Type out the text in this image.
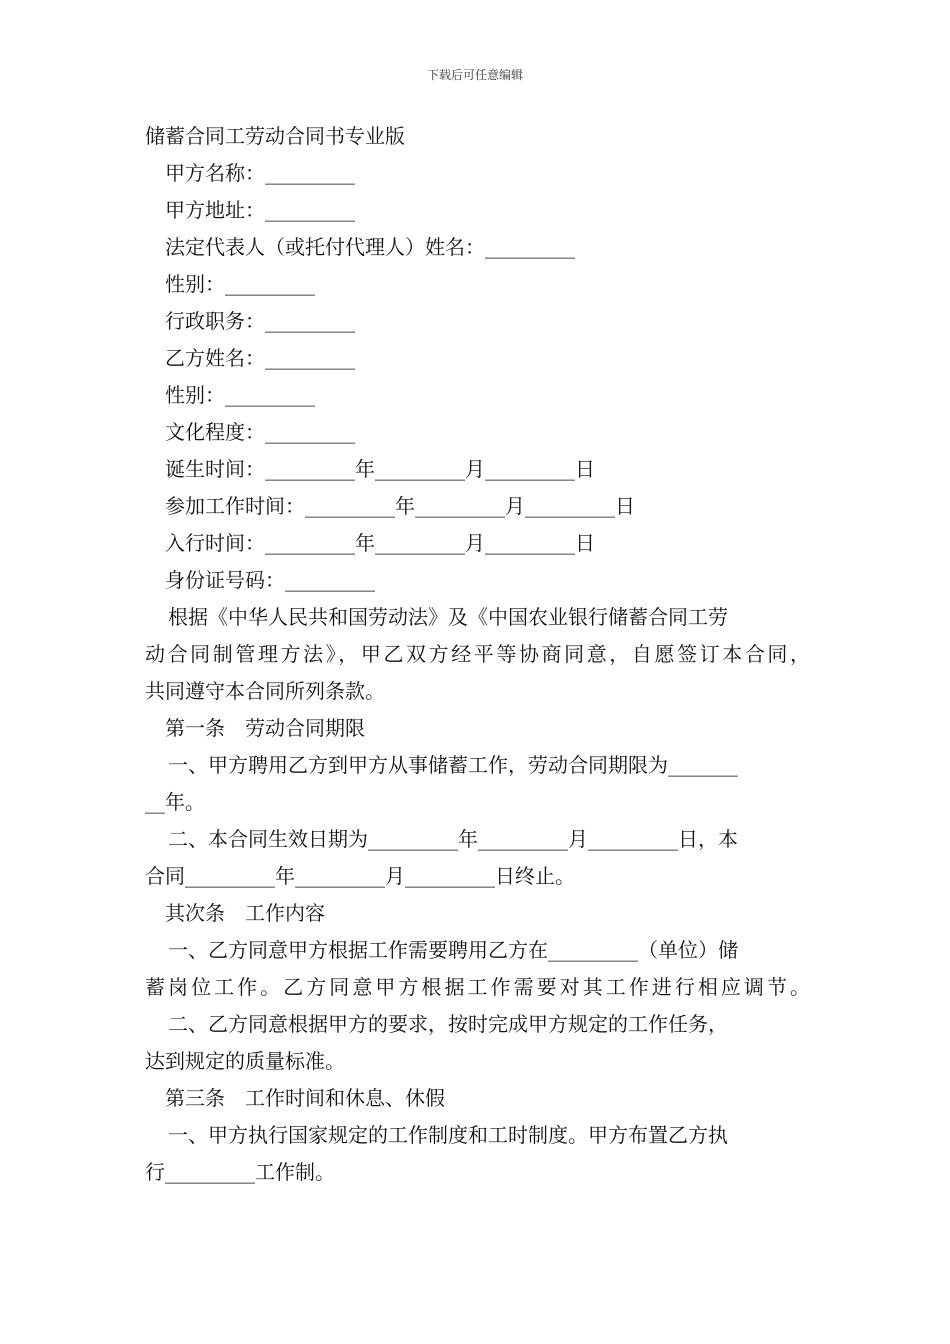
下载后可任意编辑

储蓄合同工劳动合同书专业版

甲方名称：_________

甲方地址：_________

法定代表人（或托付代理人）姓名：_________

性别：_________

行政职务：_________

乙方姓名：_________

性别：_________

文化程度：_________

诞生时间：_________年_________月_________日

参加工作时间：_________年_________月_________日

入行时间：_________年_________月_________日

身份证号码：_________

根据《中华人民共和国劳动法》及《中国农业银行储蓄合同工劳

动合同制管理方法》，甲乙双方经平等协商同意，自愿签订本合同，

共同遵守本合同所列条款。

第一条　劳动合同期限

一、甲方聘用乙方到甲方从事储蓄工作，劳动合同期限为_______

__年。

二、本合同生效日期为_________年_________月_________日，本

合同_________年_________月_________日终止。

其次条　工作内容

一、乙方同意甲方根据工作需要聘用乙方在_________（单位）储

蓄岗位工作。乙方同意甲方根据工作需要对其工作进行相应调节。

二、乙方同意根据甲方的要求，按时完成甲方规定的工作任务，

达到规定的质量标准。

第三条　工作时间和休息、休假

一、甲方执行国家规定的工作制度和工时制度。甲方布置乙方执

行_________工作制。
